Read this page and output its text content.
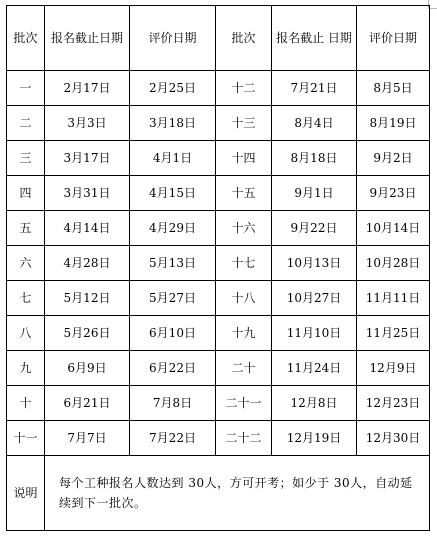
批次	报名截止日期	评价日期	批次	报名截止 日期	评价日期
一	2月17日	2月25日	十二	7月21日	8月5日
二	3月3日	3月18日	十三	8月4日	8月19日
三	3月17日	4月1日	十四	8月18日	9月2日
四	3月31日	4月15日	十五	9月1日	9月23日
五	4月14日	4月29日	十六	9月22日	10月14日
六	4月28日	5月13日	十七	10月13日	10月28日
七	5月12日	5月27日	十八	10月27日	11月11日
八	5月26日	6月10日	十九	11月10日	11月25日
九	6月9日	6月22日	二十	11月24日	12月9日
十	6月21日	7月8日	二十一	12月8日	12月23日
十一	7月7日	7月22日	二十二	12月19日	12月30日
说明	每个工种报名人数达到 30人，方可开考；如少于 30人，自动延续到下一批次。				
